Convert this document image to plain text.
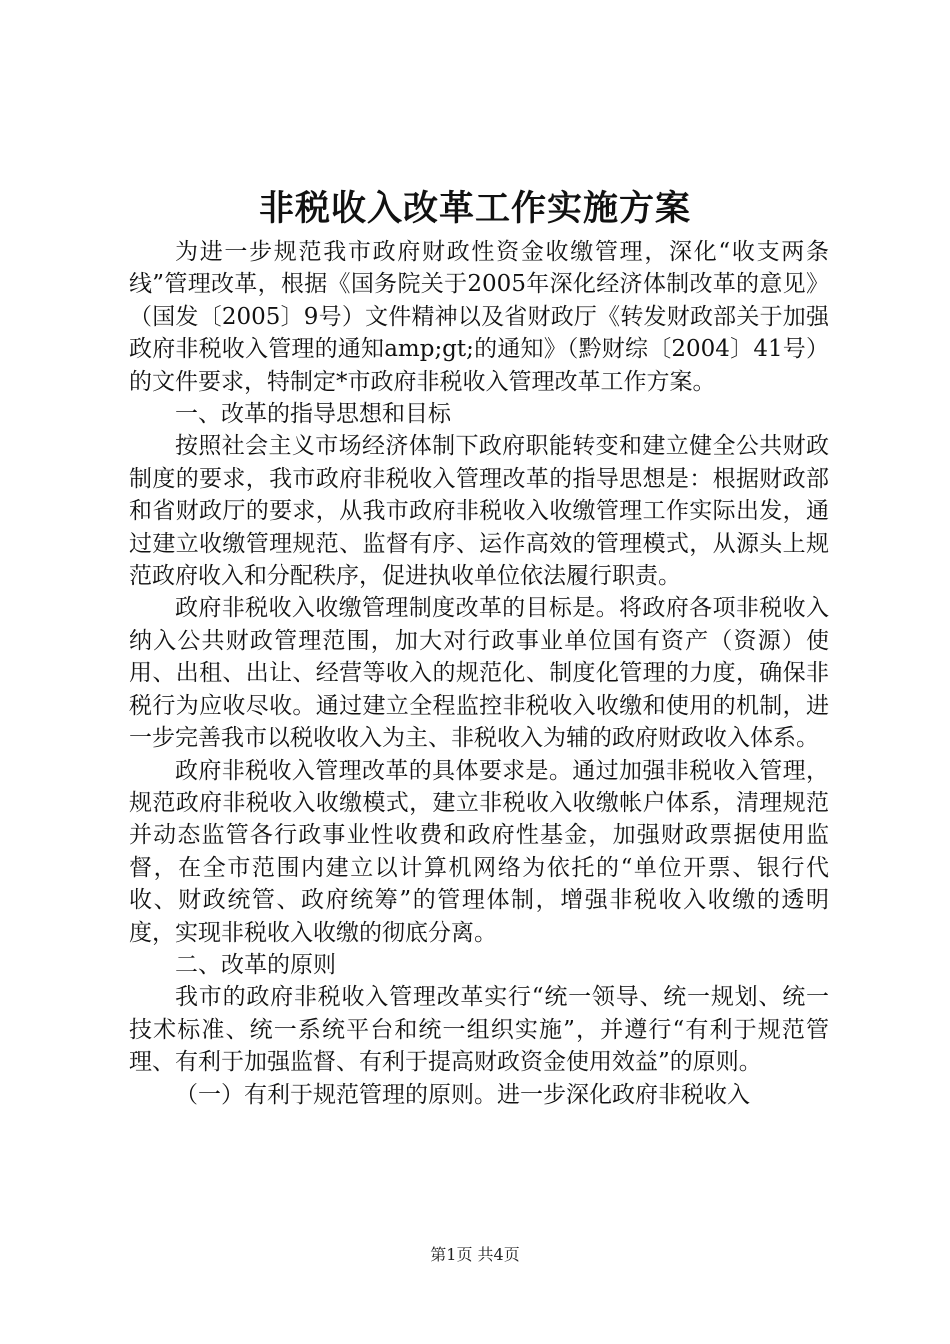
非税收入改革工作实施方案

为进一步规范我市政府财政性资金收缴管理，深化“收支两条线”管理改革，根据《国务院关于2005年深化经济体制改革的意见》（国发〔2005〕9号）文件精神以及省财政厅《转发财政部关于加强政府非税收入管理的通知amp;gt;的通知》（黔财综〔2004〕41号）的文件要求，特制定*市政府非税收入管理改革工作方案。

一、改革的指导思想和目标

按照社会主义市场经济体制下政府职能转变和建立健全公共财政制度的要求，我市政府非税收入管理改革的指导思想是：根据财政部和省财政厅的要求，从我市政府非税收入收缴管理工作实际出发，通过建立收缴管理规范、监督有序、运作高效的管理模式，从源头上规范政府收入和分配秩序，促进执收单位依法履行职责。

政府非税收入收缴管理制度改革的目标是。将政府各项非税收入纳入公共财政管理范围，加大对行政事业单位国有资产（资源）使用、出租、出让、经营等收入的规范化、制度化管理的力度，确保非税行为应收尽收。通过建立全程监控非税收入收缴和使用的机制，进一步完善我市以税收收入为主、非税收入为辅的政府财政收入体系。

政府非税收入管理改革的具体要求是。通过加强非税收入管理，规范政府非税收入收缴模式，建立非税收入收缴帐户体系，清理规范并动态监管各行政事业性收费和政府性基金，加强财政票据使用监督，在全市范围内建立以计算机网络为依托的“单位开票、银行代收、财政统管、政府统筹”的管理体制，增强非税收入收缴的透明度，实现非税收入收缴的彻底分离。

二、改革的原则

我市的政府非税收入管理改革实行“统一领导、统一规划、统一技术标准、统一系统平台和统一组织实施”，并遵行“有利于规范管理、有利于加强监督、有利于提高财政资金使用效益”的原则。

（一）有利于规范管理的原则。进一步深化政府非税收入

第1页 共4页
